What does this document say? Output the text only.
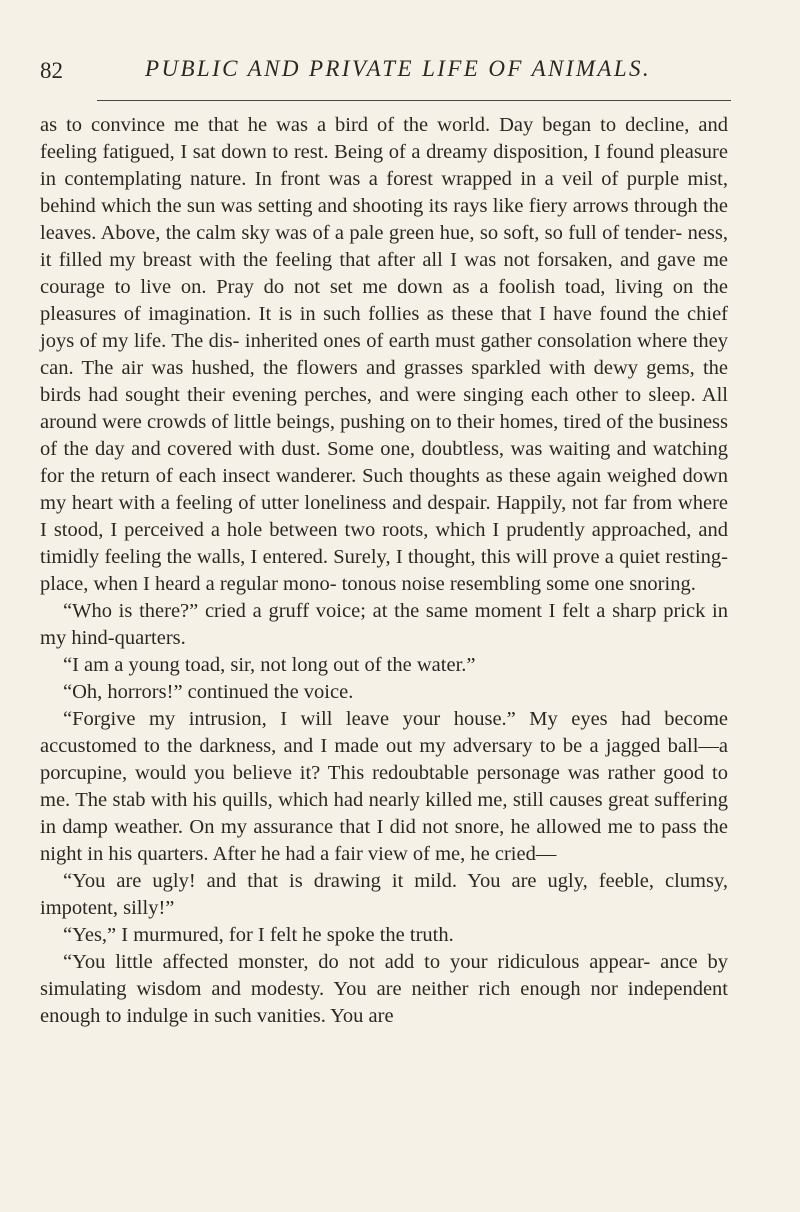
82	PUBLIC AND PRIVATE LIFE OF ANIMALS.

as to convince me that he was a bird of the world. Day began to decline, and feeling fatigued, I sat down to rest. Being of a dreamy disposition, I found pleasure in contemplating nature. In front was a forest wrapped in a veil of purple mist, behind which the sun was setting and shooting its rays like fiery arrows through the leaves. Above, the calm sky was of a pale green hue, so soft, so full of tender- ness, it filled my breast with the feeling that after all I was not forsaken, and gave me courage to live on. Pray do not set me down as a foolish toad, living on the pleasures of imagination. It is in such follies as these that I have found the chief joys of my life. The dis- inherited ones of earth must gather consolation where they can. The air was hushed, the flowers and grasses sparkled with dewy gems, the birds had sought their evening perches, and were singing each other to sleep. All around were crowds of little beings, pushing on to their homes, tired of the business of the day and covered with dust. Some one, doubtless, was waiting and watching for the return of each insect wanderer. Such thoughts as these again weighed down my heart with a feeling of utter loneliness and despair. Happily, not far from where I stood, I perceived a hole between two roots, which I prudently approached, and timidly feeling the walls, I entered. Surely, I thought, this will prove a quiet resting-place, when I heard a regular mono- tonous noise resembling some one snoring.

“Who is there?” cried a gruff voice; at the same moment I felt a sharp prick in my hind-quarters.

“I am a young toad, sir, not long out of the water.”

“Oh, horrors!” continued the voice.

“Forgive my intrusion, I will leave your house.” My eyes had become accustomed to the darkness, and I made out my adversary to be a jagged ball—a porcupine, would you believe it? This redoubtable personage was rather good to me. The stab with his quills, which had nearly killed me, still causes great suffering in damp weather. On my assurance that I did not snore, he allowed me to pass the night in his quarters. After he had a fair view of me, he cried—

“You are ugly! and that is drawing it mild. You are ugly, feeble, clumsy, impotent, silly!”

“Yes,” I murmured, for I felt he spoke the truth.

“You little affected monster, do not add to your ridiculous appear- ance by simulating wisdom and modesty. You are neither rich enough nor independent enough to indulge in such vanities. You are
